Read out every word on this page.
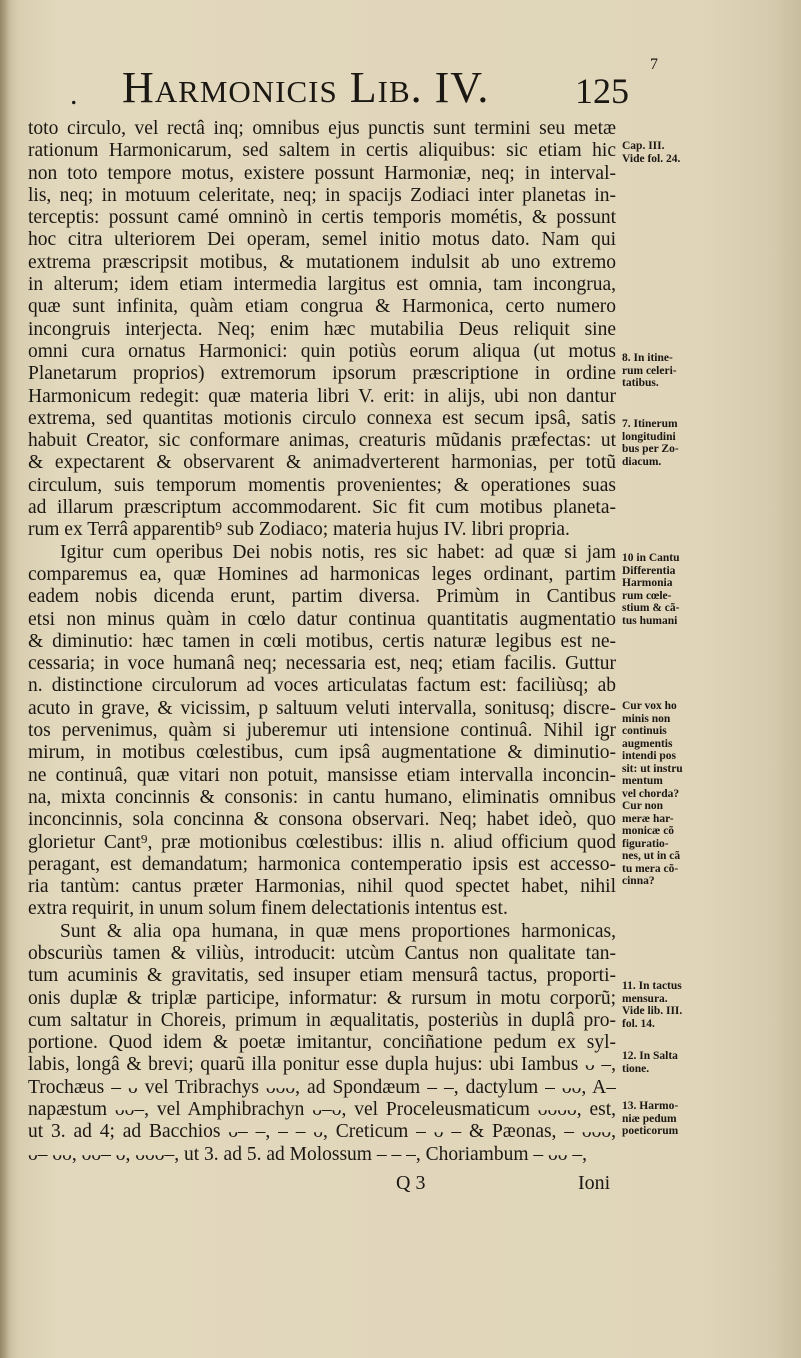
. Harmonicis Lib. IV. 125
7
toto circulo, vel rectâ inq; omnibus ejus punctis sunt termini seu metæ
rationum Harmonicarum, sed saltem in certis aliquibus: sic etiam hic
non toto tempore motus, existere possunt Harmoniæ, neq; in interval-
lis, neq; in motuum celeritate, neq; in spacijs Zodiaci inter planetas in-
terceptis: possunt camé omninò in certis temporis mométis, & possunt
hoc citra ulteriorem Dei operam, semel initio motus dato. Nam qui
extrema præscripsit motibus, & mutationem indulsit ab uno extremo
in alterum; idem etiam intermedia largitus est omnia, tam incongrua,
quæ sunt infinita, quàm etiam congrua & Harmonica, certo numero
incongruis interjecta. Neq; enim hæc mutabilia Deus reliquit sine
omni cura ornatus Harmonici: quin potiùs eorum aliqua (ut motus
Planetarum proprios) extremorum ipsorum præscriptione in ordine
Harmonicum redegit: quæ materia libri V. erit: in alijs, ubi non dantur
extrema, sed quantitas motionis circulo connexa est secum ipsâ, satis
habuit Creator, sic conformare animas, creaturis mũdanis præfectas: ut
& expectarent & observarent & animadverterent harmonias, per totũ
circulum, suis temporum momentis provenientes; & operationes suas
ad illarum præscriptum accommodarent. Sic fit cum motibus planeta-
rum ex Terrâ apparentib⁹ sub Zodiaco; materia hujus IV. libri propria.
Igitur cum operibus Dei nobis notis, res sic habet: ad quæ si jam
comparemus ea, quæ Homines ad harmonicas leges ordinant, partim
eadem nobis dicenda erunt, partim diversa. Primùm in Cantibus
etsi non minus quàm in cœlo datur continua quantitatis augmentatio
& diminutio: hæc tamen in cœli motibus, certis naturæ legibus est ne-
cessaria; in voce humanâ neq; necessaria est, neq; etiam facilis. Guttur
n. distinctione circulorum ad voces articulatas factum est: faciliùsq; ab
acuto in grave, & vicissim, p saltuum veluti intervalla, sonitusq; discre-
tos pervenimus, quàm si juberemur uti intensione continuâ. Nihil igr
mirum, in motibus cœlestibus, cum ipsâ augmentatione & diminutio-
ne continuâ, quæ vitari non potuit, mansisse etiam intervalla inconcin-
na, mixta concinnis & consonis: in cantu humano, eliminatis omnibus
inconcinnis, sola concinna & consona observari. Neq; habet ideò, quo
glorietur Cant⁹, præ motionibus cœlestibus: illis n. aliud officium quod
peragant, est demandatum; harmonica contemperatio ipsis est accesso-
ria tantùm: cantus præter Harmonias, nihil quod spectet habet, nihil
extra requirit, in unum solum finem delectationis intentus est.
Sunt & alia opa humana, in quæ mens proportiones harmonicas,
obscuriùs tamen & viliùs, introducit: utcùm Cantus non qualitate tan-
tum acuminis & gravitatis, sed insuper etiam mensurâ tactus, proporti-
onis duplæ & triplæ participe, informatur: & rursum in motu corporũ;
cum saltatur in Choreis, primum in æqualitatis, posteriùs in duplâ pro-
portione. Quod idem & poetæ imitantur, conciñatione pedum ex syl-
labis, longâ & brevi; quarũ illa ponitur esse dupla hujus: ubi Iambus ᴗ –,
Trochæus – ᴗ vel Tribrachys ᴗᴗᴗ, ad Spondæum – –, dactylum – ᴗᴗ, A–
napæstum ᴗᴗ–, vel Amphibrachyn ᴗ–ᴗ, vel Proceleusmaticum ᴗᴗᴗᴗ, est,
ut 3. ad 4; ad Bacchios ᴗ– –, – – ᴗ, Creticum – ᴗ – & Pæonas, – ᴗᴗᴗ,
ᴗ– ᴗᴗ, ᴗᴗ– ᴗ, ᴗᴗᴗ–, ut 3. ad 5. ad Molossum – – –, Choriambum – ᴗᴗ –,
Cap. III.
Vide fol. 24.
8. In itine-
rum celeri-
tatibus.
7. Itinerum
longitudini
bus per Zo-
diacum.
10 in Cantu
Differentia
Harmonia
rum cœle-
stium & cã-
tus humani
Cur vox ho
minis non
continuis
augmentis
intendi pos
sit: ut instru
mentum
vel chorda?
Cur non
meræ har-
monicæ cõ
figuratio-
nes, ut in cã
tu mera cõ-
cinna?
11. In tactus
mensura.
Vide lib. III.
fol. 14.
12. In Salta
tione.
13. Harmo-
niæ pedum
poeticorum
Q 3	Ioni
